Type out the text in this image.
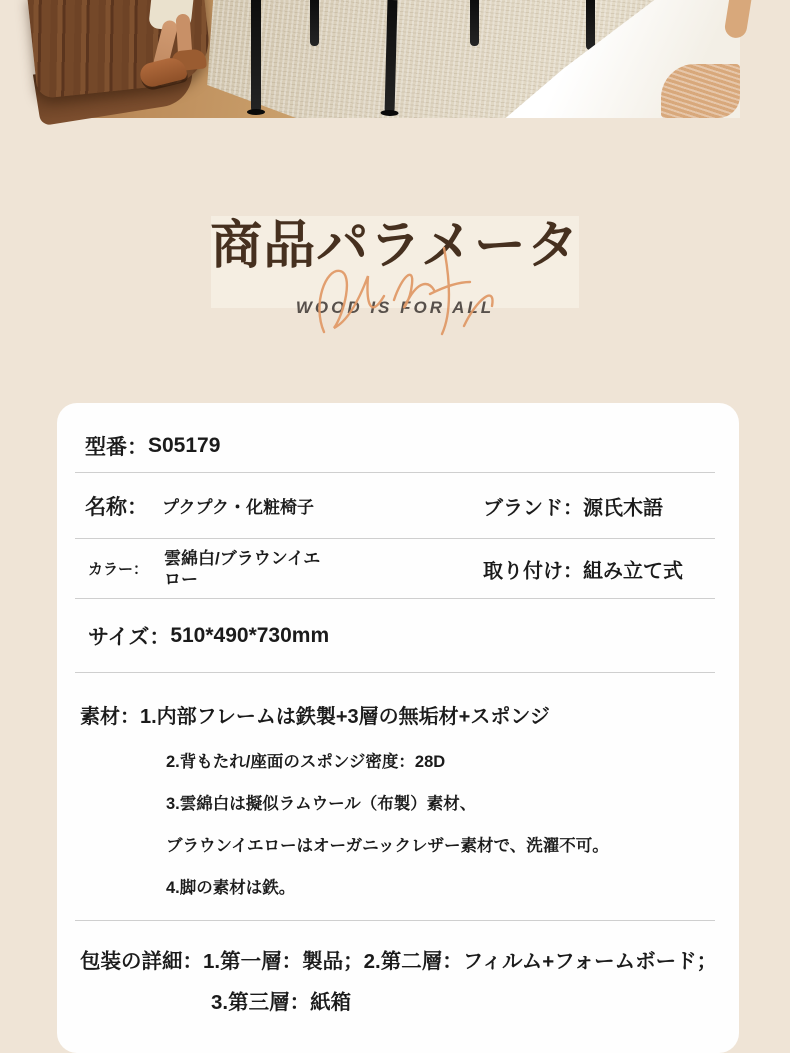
商品パラメータ
WOOD IS FOR ALL
型番： S05179
名称： プクプク・化粧椅子	ブランド：源氏木語
カラー：
雲綿白/ブラウンイエロー	取り付け：組み立て式
サイズ： 510*490*730mm
素材：1.内部フレームは鉄製+3層の無垢材+スポンジ
2.背もたれ/座面のスポンジ密度：28D
3.雲綿白は擬似ラムウール（布製）素材、
ブラウンイエローはオーガニックレザー素材で、洗濯不可。
4.脚の素材は鉄。
包装の詳細：1.第一層：製品；2.第二層：フィルム+フォームボード；
3.第三層：紙箱
